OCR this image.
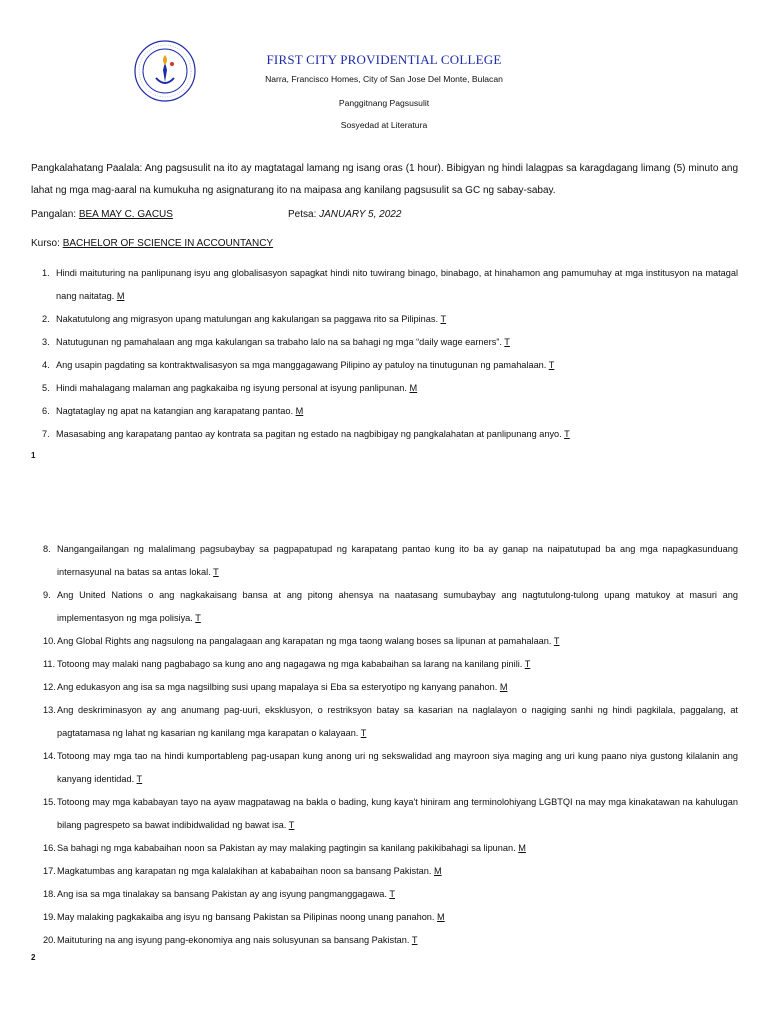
FIRST CITY PROVIDENTIAL COLLEGE
Narra, Francisco Homes, City of San Jose Del Monte, Bulacan
Panggitnang Pagsusulit
Sosyedad at Literatura
Pangkalahatang Paalala: Ang pagsusulit na ito ay magtatagal lamang ng isang oras (1 hour). Bibigyan ng hindi lalagpas sa karagdagang limang (5) minuto ang lahat ng mga mag-aaral na kumukuha ng asignaturang ito na maipasa ang kanilang pagsusulit sa GC ng sabay-sabay.
Pangalan: BEA MAY C. GACUS	Petsa: JANUARY 5, 2022
Kurso: BACHELOR OF SCIENCE IN ACCOUNTANCY
1. Hindi maituturing na panlipunang isyu ang globalisasyon sapagkat hindi nito tuwirang binago, binabago, at hinahamon ang pamumuhay at mga institusyon na matagal nang naitatag. M
2. Nakatutulong ang migrasyon upang matulungan ang kakulangan sa paggawa rito sa Pilipinas. T
3. Natutugunan ng pamahalaan ang mga kakulangan sa trabaho lalo na sa bahagi ng mga “daily wage earners”. T
4. Ang usapin pagdating sa kontraktwalisasyon sa mga manggagawang Pilipino ay patuloy na tinutugunan ng pamahalaan. T
5. Hindi mahalagang malaman ang pagkakaiba ng isyung personal at isyung panlipunan. M
6. Nagtataglay ng apat na katangian ang karapatang pantao. M
7. Masasabing ang karapatang pantao ay kontrata sa pagitan ng estado na nagbibigay ng pangkalahatan at panlipunang anyo. T
1
8. Nangangailangan ng malalimang pagsubaybay sa pagpapatupad ng karapatang pantao kung ito ba ay ganap na naipatutupad ba ang mga napagkasunduang internasyunal na batas sa antas lokal. T
9. Ang United Nations o ang nagkakaisang bansa at ang pitong ahensya na naatasang sumubaybay ang nagtutulong-tulong upang matukoy at masuri ang implementasyon ng mga polisiya. T
10. Ang Global Rights ang nagsulong na pangalagaan ang karapatan ng mga taong walang boses sa lipunan at pamahalaan. T
11. Totoong may malaki nang pagbabago sa kung ano ang nagagawa ng mga kababaihan sa larang na kanilang pinili. T
12. Ang edukasyon ang isa sa mga nagsilbing susi upang mapalaya si Eba sa esteryotipo ng kanyang panahon. M
13. Ang deskriminasyon ay ang anumang pag-uuri, eksklusyon, o restriksyon batay sa kasarian na naglalayon o nagiging sanhi ng hindi pagkilala, paggalang, at pagtatamasa ng lahat ng kasarian ng kanilang mga karapatan o kalayaan. T
14. Totoong may mga tao na hindi kumportableng pag-usapan kung anong uri ng sekswalidad ang mayroon siya maging ang uri kung paano niya gustong kilalanin ang kanyang identidad. T
15. Totoong may mga kababayan tayo na ayaw magpatawag na bakla o bading, kung kaya't hiniram ang terminolohiyang LGBTQI na may mga kinakatawan na kahulugan bilang pagrespeto sa bawat indibidwalidad ng bawat isa. T
16. Sa bahagi ng mga kababaihan noon sa Pakistan ay may malaking pagtingin sa kanilang pakikibahagi sa lipunan. M
17. Magkatumbas ang karapatan ng mga kalalakihan at kababaihan noon sa bansang Pakistan. M
18. Ang isa sa mga tinalakay sa bansang Pakistan ay ang isyung pangmanggagawa. T
19. May malaking pagkakaiba ang isyu ng bansang Pakistan sa Pilipinas noong unang panahon. M
20. Maituturing na ang isyung pang-ekonomiya ang nais solusyunan sa bansang Pakistan. T
2
